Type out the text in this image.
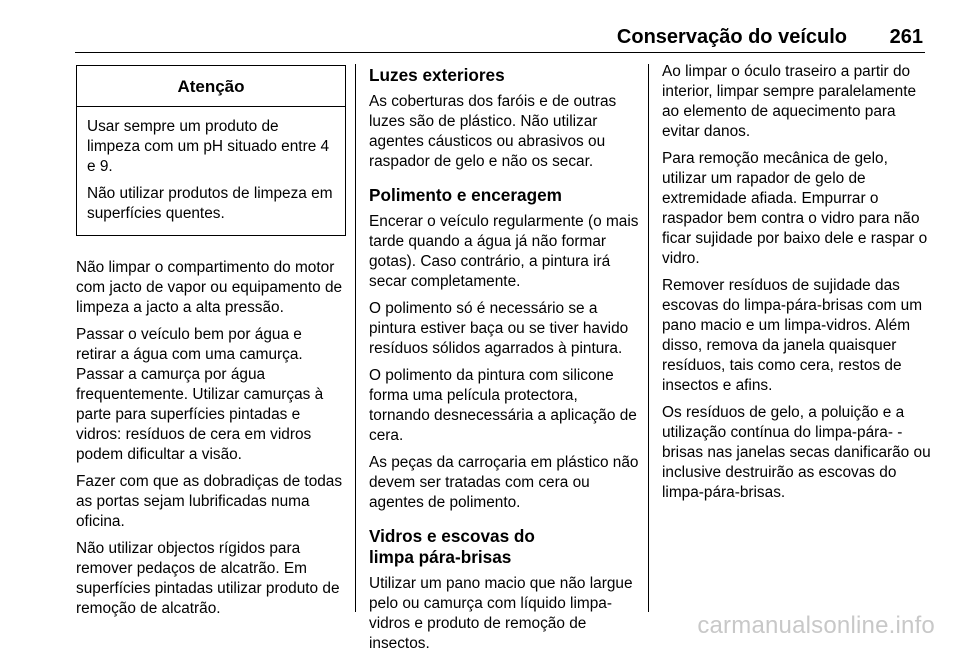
Conservação do veículo 261
Atenção

Usar sempre um produto de limpeza com um pH situado entre 4 e 9.

Não utilizar produtos de limpeza em superfícies quentes.

Não limpar o compartimento do motor com jacto de vapor ou equipamento de limpeza a jacto a alta pressão.

Passar o veículo bem por água e retirar a água com uma camurça. Passar a camurça por água frequentemente. Utilizar camurças à parte para superfícies pintadas e vidros: resíduos de cera em vidros podem dificultar a visão.

Fazer com que as dobradiças de todas as portas sejam lubrificadas numa oficina.

Não utilizar objectos rígidos para remover pedaços de alcatrão. Em superfícies pintadas utilizar produto de remoção de alcatrão.

Luzes exteriores

As coberturas dos faróis e de outras luzes são de plástico. Não utilizar agentes cáusticos ou abrasivos ou raspador de gelo e não os secar.

Polimento e enceragem

Encerar o veículo regularmente (o mais tarde quando a água já não formar gotas). Caso contrário, a pintura irá secar completamente.

O polimento só é necessário se a pintura estiver baça ou se tiver havido resíduos sólidos agarrados à pintura.

O polimento da pintura com silicone forma uma película protectora, tornando desnecessária a aplicação de cera.

As peças da carroçaria em plástico não devem ser tratadas com cera ou agentes de polimento.

Vidros e escovas do limpa pára-brisas

Utilizar um pano macio que não largue pelo ou camurça com líquido limpa-vidros e produto de remoção de insectos.

Ao limpar o óculo traseiro a partir do interior, limpar sempre paralelamente ao elemento de aquecimento para evitar danos.

Para remoção mecânica de gelo, utilizar um rapador de gelo de extremidade afiada. Empurrar o raspador bem contra o vidro para não ficar sujidade por baixo dele e raspar o vidro.

Remover resíduos de sujidade das escovas do limpa-pára-brisas com um pano macio e um limpa-vidros. Além disso, remova da janela quaisquer resíduos, tais como cera, restos de insectos e afins.

Os resíduos de gelo, a poluição e a utilização contínua do limpa-pára- -brisas nas janelas secas danificarão ou inclusive destruirão as escovas do limpa-pára-brisas.

carmanualsonline.info
